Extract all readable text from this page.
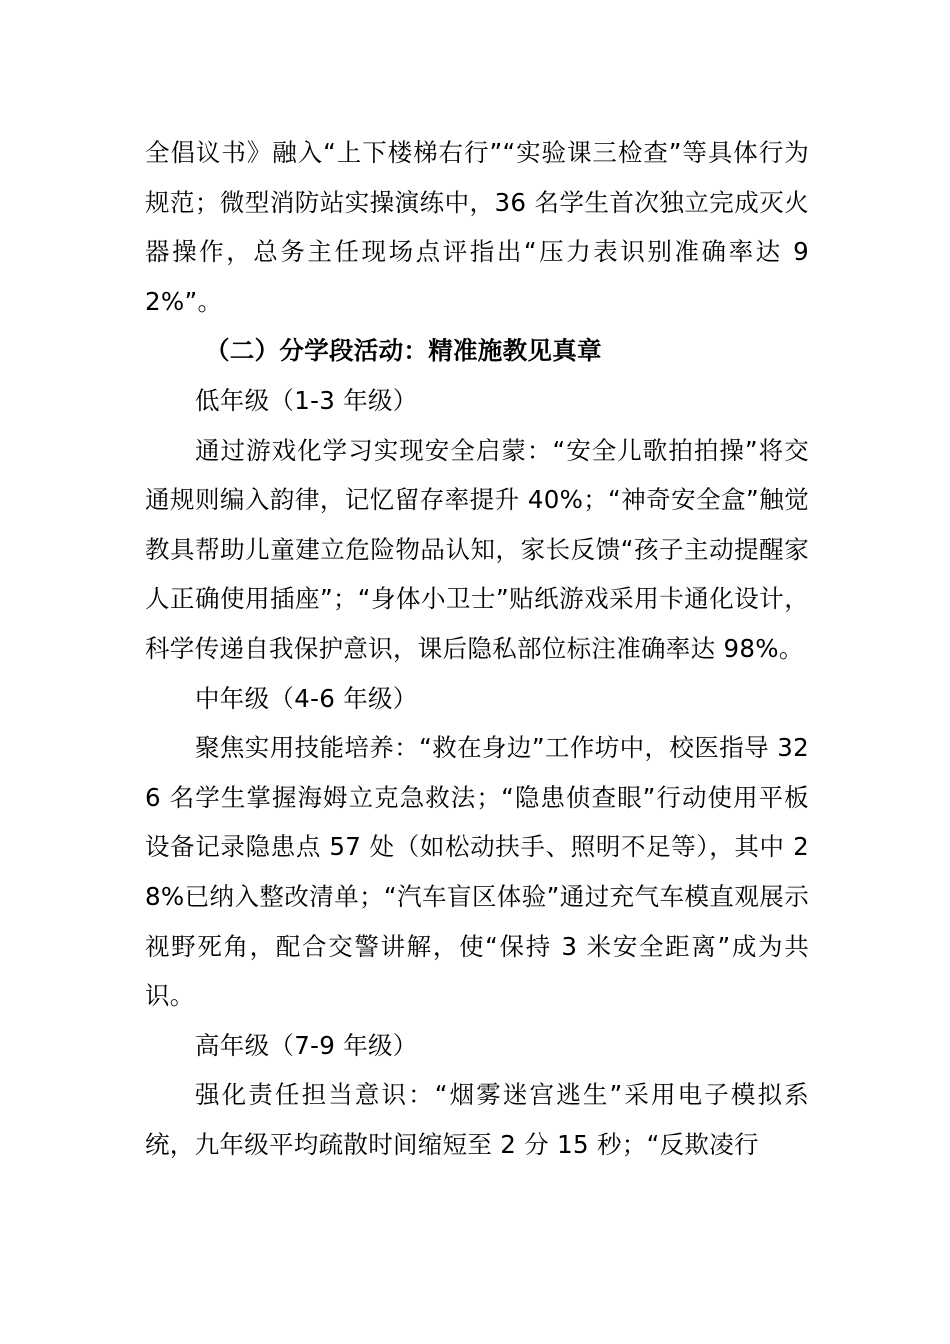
全倡议书》融入“上下楼梯右行”“实验课三检查”等具体行为规范；微型消防站实操演练中，36 名学生首次独立完成灭火器操作，总务主任现场点评指出“压力表识别准确率达 92%”。

（二）分学段活动：精准施教见真章

低年级（1-3 年级）

通过游戏化学习实现安全启蒙：“安全儿歌拍拍操”将交通规则编入韵律，记忆留存率提升 40%；“神奇安全盒”触觉教具帮助儿童建立危险物品认知，家长反馈“孩子主动提醒家人正确使用插座”；“身体小卫士”贴纸游戏采用卡通化设计，科学传递自我保护意识，课后隐私部位标注准确率达 98%。

中年级（4-6 年级）

聚焦实用技能培养：“救在身边”工作坊中，校医指导 326 名学生掌握海姆立克急救法；“隐患侦查眼”行动使用平板设备记录隐患点 57 处（如松动扶手、照明不足等），其中 28%已纳入整改清单；“汽车盲区体验”通过充气车模直观展示视野死角，配合交警讲解，使“保持 3 米安全距离”成为共识。

高年级（7-9 年级）

强化责任担当意识：“烟雾迷宫逃生”采用电子模拟系统，九年级平均疏散时间缩短至 2 分 15 秒；“反欺凌行
